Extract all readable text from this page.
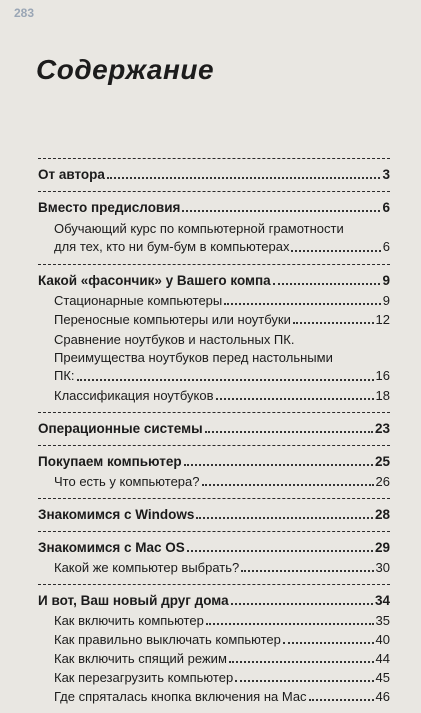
283

Содержание
От автора	3
Вместо предисловия	6
Обучающий курс по компьютерной грамотности
для тех, кто ни бум-бум в компьютерах	6
Какой «фасончик» у Вашего компа	9
Стационарные компьютеры	9
Переносные компьютеры или ноутбуки	12
Сравнение ноутбуков и настольных ПК.
Преимущества ноутбуков перед настольными
ПК:	16
Классификация ноутбуков	18
Операционные системы	23
Покупаем компьютер	25
Что есть у компьютера?	26
Знакомимся с Windows	28
Знакомимся с Mac OS	29
Какой же компьютер выбрать?	30
И вот, Ваш новый друг дома	34
Как включить компьютер	35
Как правильно выключать компьютер	40
Как включить спящий режим	44
Как перезагрузить компьютер	45
Где спряталась кнопка включения на Мас	46
